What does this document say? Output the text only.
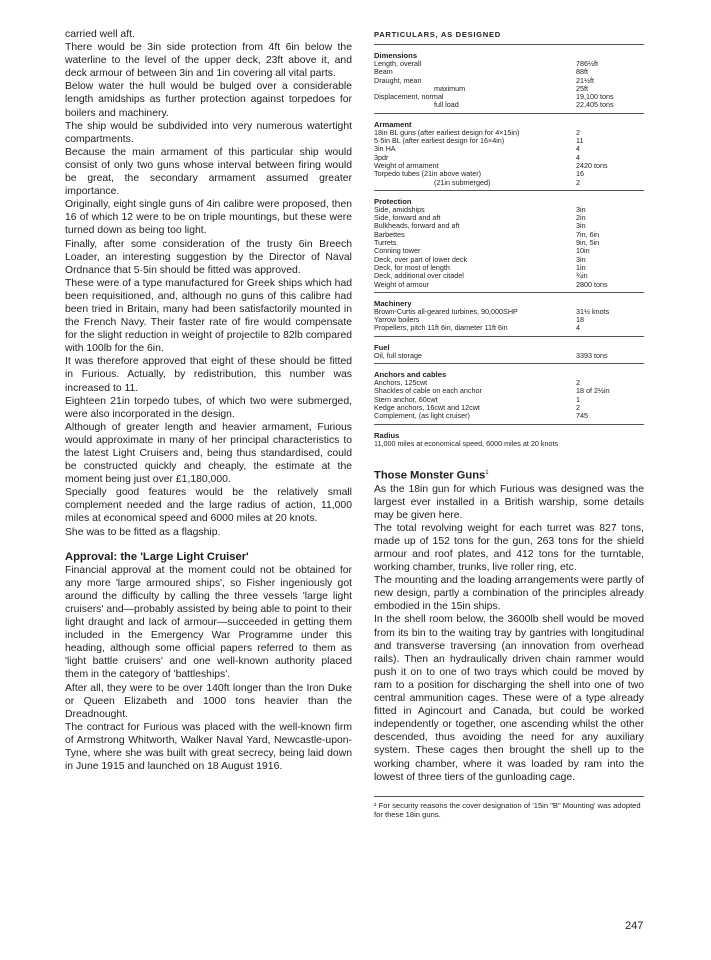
carried well aft.

There would be 3in side protection from 4ft 6in below the waterline to the level of the upper deck, 23ft above it, and deck armour of between 3in and 1in covering all vital parts.

Below water the hull would be bulged over a considerable length amidships as further protection against torpedoes for boilers and machinery.

The ship would be subdivided into very numerous watertight compartments.

Because the main armament of this particular ship would consist of only two guns whose interval between firing would be great, the secondary armament assumed greater importance.

Originally, eight single guns of 4in calibre were proposed, then 16 of which 12 were to be on triple mountings, but these were turned down as being too light.

Finally, after some consideration of the trusty 6in Breech Loader, an interesting suggestion by the Director of Naval Ordnance that 5·5in should be fitted was approved.

These were of a type manufactured for Greek ships which had been requisitioned, and, although no guns of this calibre had been tried in Britain, many had been satisfactorily mounted in the French Navy. Their faster rate of fire would compensate for the slight reduction in weight of projectile to 82lb compared with 100lb for the 6in.

It was therefore approved that eight of these should be fitted in Furious. Actually, by redistribution, this number was increased to 11.

Eighteen 21in torpedo tubes, of which two were submerged, were also incorporated in the design.

Although of greater length and heavier armament, Furious would approximate in many of her principal characteristics to the latest Light Cruisers and, being thus standardised, could be constructed quickly and cheaply, the estimate at the moment being just over £1,180,000.

Specially good features would be the relatively small complement needed and the large radius of action, 11,000 miles at economical speed and 6000 miles at 20 knots.

She was to be fitted as a flagship.

Approval: the 'Large Light Cruiser'

Financial approval at the moment could not be obtained for any more 'large armoured ships', so Fisher ingeniously got around the difficulty by calling the three vessels 'large light cruisers' and—probably assisted by being able to point to their light draught and lack of armour—succeeded in getting them included in the Emergency War Programme under this heading, although some official papers referred to them as 'light battle cruisers' and one well-known authority placed them in the category of 'battleships'.

After all, they were to be over 140ft longer than the Iron Duke or Queen Elizabeth and 1000 tons heavier than the Dreadnought.

The contract for Furious was placed with the well-known firm of Armstrong Whitworth, Walker Naval Yard, Newcastle-upon-Tyne, where she was built with great secrecy, being laid down in June 1915 and launched on 18 August 1916.

PARTICULARS, AS DESIGNED
Dimensions
Length, overall	786½ft
Beam	88ft
Draught, mean	21½ft
maximum	25ft
Displacement, normal	19,100 tons
full load	22,405 tons
Armament
18in BL guns (after earliest design for 4×15in)	2
5·5in BL (after earliest design for 16×4in)	11
3in HA	4
3pdr	4
Weight of armament	2420 tons
Torpedo tubes (21in above water)	16
(21in submerged)	2
Protection
Side, amidships	3in
Side, forward and aft	2in
Bulkheads, forward and aft	3in
Barbettes	7in, 6in
Turrets	9in, 5in
Conning tower	10in
Deck, over part of lower deck	3in
Deck, for most of length	1in
Deck, additional over citadel	¾in
Weight of armour	2800 tons
Machinery
Brown-Curtis all-geared turbines, 90,000SHP	31½ knots
Yarrow boilers	18
Propellers, pitch 11ft 6in, diameter 11ft 6in	4
Fuel
Oil, full storage	3393 tons
Anchors and cables
Anchors, 125cwt	2
Shackles of cable on each anchor	18 of 2½in
Stern anchor, 60cwt	1
Kedge anchors, 16cwt and 12cwt	2
Complement, (as light cruiser)	745
Radius
11,000 miles at economical speed, 6000 miles at 20 knots
Those Monster Guns$^1$

As the 18in gun for which Furious was designed was the largest ever installed in a British warship, some details may be given here.

The total revolving weight for each turret was 827 tons, made up of 152 tons for the gun, 263 tons for the shield armour and roof plates, and 412 tons for the turntable, working chamber, trunks, live roller ring, etc.

The mounting and the loading arrangements were partly of new design, partly a combination of the principles already embodied in the 15in ships.

In the shell room below, the 3600lb shell would be moved from its bin to the waiting tray by gantries with longitudinal and transverse traversing (an innovation from overhead rails). Then an hydraulically driven chain rammer would push it on to one of two trays which could be moved by ram to a position for discharging the shell into one of two central ammunition cages. These were of a type already fitted in Agincourt and Canada, but could be worked independently or together, one ascending whilst the other descended, thus avoiding the need for any auxiliary system. These cages then brought the shell up to the working chamber, where it was loaded by ram into the lowest of three tiers of the gunloading cage.

¹ For security reasons the cover designation of '15in "B" Mounting' was adopted for these 18in guns.
247
